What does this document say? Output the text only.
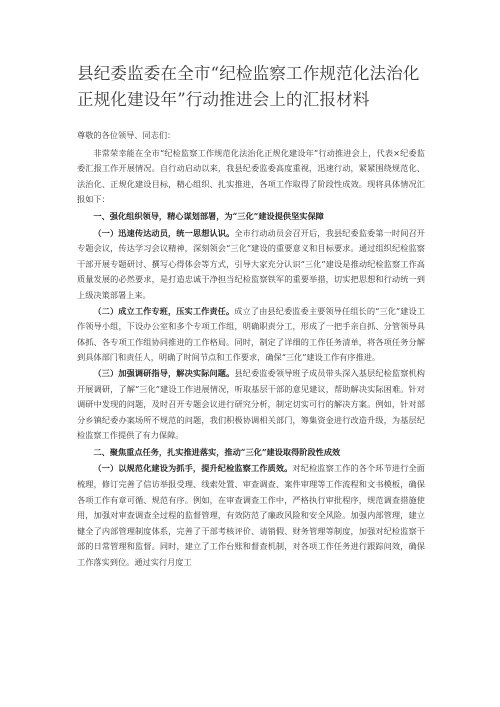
县纪委监委在全市“纪检监察工作规范化法治化正规化建设年”行动推进会上的汇报材料

尊敬的各位领导、同志们：

非常荣幸能在全市“纪检监察工作规范化法治化正规化建设年”行动推进会上，代表×纪委监委汇报工作开展情况。自行动启动以来，我县纪委监委高度重视，迅速行动，紧紧围绕规范化、法治化、正规化建设目标，精心组织、扎实推进，各项工作取得了阶段性成效。现将具体情况汇报如下：

一、强化组织领导，精心谋划部署，为“三化”建设提供坚实保障

（一）迅速传达动员，统一思想认识。全市行动动员会召开后，我县纪委监委第一时间召开专题会议，传达学习会议精神，深刻领会“三化”建设的重要意义和目标要求。通过组织纪检监察干部开展专题研讨、撰写心得体会等方式，引导大家充分认识“三化”建设是推动纪检监察工作高质量发展的必然要求，是打造忠诚干净担当纪检监察铁军的重要举措，切实把思想和行动统一到上级决策部署上来。

（二）成立工作专班，压实工作责任。成立了由县纪委监委主要领导任组长的“三化”建设工作领导小组，下设办公室和多个专项工作组，明确职责分工，形成了一把手亲自抓、分管领导具体抓、各专项工作组协同推进的工作格局。同时，制定了详细的工作任务清单，将各项任务分解到具体部门和责任人，明确了时间节点和工作要求，确保“三化”建设工作有序推进。

（三）加强调研指导，解决实际问题。县纪委监委领导班子成员带头深入基层纪检监察机构开展调研，了解“三化”建设工作进展情况，听取基层干部的意见建议，帮助解决实际困难。针对调研中发现的问题，及时召开专题会议进行研究分析，制定切实可行的解决方案。例如，针对部分乡镇纪委办案场所不规范的问题，我们积极协调相关部门，筹集资金进行改造升级，为基层纪检监察工作提供了有力保障。

二、聚焦重点任务，扎实推进落实，推动“三化”建设取得阶段性成效

（一）以规范化建设为抓手，提升纪检监察工作质效。对纪检监察工作的各个环节进行全面梳理，修订完善了信访举报受理、线索处置、审查调查、案件审理等工作流程和文书模板，确保各项工作有章可循、规范有序。例如，在审查调查工作中，严格执行审批程序，规范调查措施使用，加强对审查调查全过程的监督管理，有效防范了廉政风险和安全风险。加强内部管理，建立健全了内部管理制度体系，完善了干部考核评价、请销假、财务管理等制度，加强对纪检监察干部的日常管理和监督。同时，建立了工作台账和督查机制，对各项工作任务进行跟踪问效，确保工作落实到位。通过实行月度工
